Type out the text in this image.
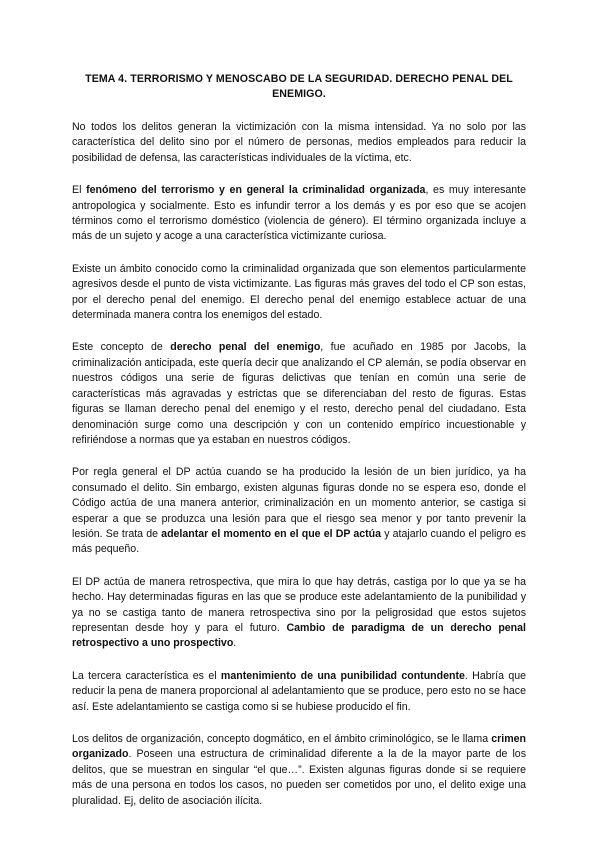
TEMA 4. TERRORISMO Y MENOSCABO DE LA SEGURIDAD. DERECHO PENAL DEL ENEMIGO.

No todos los delitos generan la victimización con la misma intensidad. Ya no solo por las característica del delito sino por el número de personas, medios empleados para reducir la posibilidad de defensa, las características individuales de la víctima, etc.

El fenómeno del terrorismo y en general la criminalidad organizada, es muy interesante antropologica y socialmente. Esto es infundir terror a los demás y es por eso que se acojen términos como el terrorismo doméstico (violencia de género). El término organizada incluye a más de un sujeto y acoge a una característica victimizante curiosa.

Existe un ámbito conocido como la criminalidad organizada que son elementos particularmente agresivos desde el punto de vista victimizante. Las figuras más graves del todo el CP son estas, por el derecho penal del enemigo. El derecho penal del enemigo establece actuar de una determinada manera contra los enemigos del estado.

Este concepto de derecho penal del enemigo, fue acuñado en 1985 por Jacobs, la criminalización anticipada, este quería decir que analizando el CP alemán, se podía observar en nuestros códigos una serie de figuras delictivas que tenían en común una serie de características más agravadas y estrictas que se diferenciaban del resto de figuras. Estas figuras se llaman derecho penal del enemigo y el resto, derecho penal del ciudadano. Esta denominación surge como una descripción y con un contenido empírico incuestionable y refiriéndose a normas que ya estaban en nuestros códigos.

Por regla general el DP actúa cuando se ha producido la lesión de un bien jurídico, ya ha consumado el delito. Sin embargo, existen algunas figuras donde no se espera eso, donde el Código actúa de una manera anterior, criminalización en un momento anterior, se castiga si esperar a que se produzca una lesión para que el riesgo sea menor y por tanto prevenir la lesión. Se trata de adelantar el momento en el que el DP actúa y atajarlo cuando el peligro es más pequeño.

El DP actúa de manera retrospectiva, que mira lo que hay detrás, castiga por lo que ya se ha hecho. Hay determinadas figuras en las que se produce este adelantamiento de la punibilidad y ya no se castiga tanto de manera retrospectiva sino por la peligrosidad que estos sujetos representan desde hoy y para el futuro. Cambio de paradigma de un derecho penal retrospectivo a uno prospectivo.

La tercera característica es el mantenimiento de una punibilidad contundente. Habría que reducir la pena de manera proporcional al adelantamiento que se produce, pero esto no se hace así. Este adelantamiento se castiga como si se hubiese producido el fin.

Los delitos de organización, concepto dogmático, en el ámbito criminológico, se le llama crimen organizado. Poseen una estructura de criminalidad diferente a la de la mayor parte de los delitos, que se muestran en singular “el que…”. Existen algunas figuras donde si se requiere más de una persona en todos los casos, no pueden ser cometidos por uno, el delito exige una pluralidad. Ej, delito de asociación ilícita.
